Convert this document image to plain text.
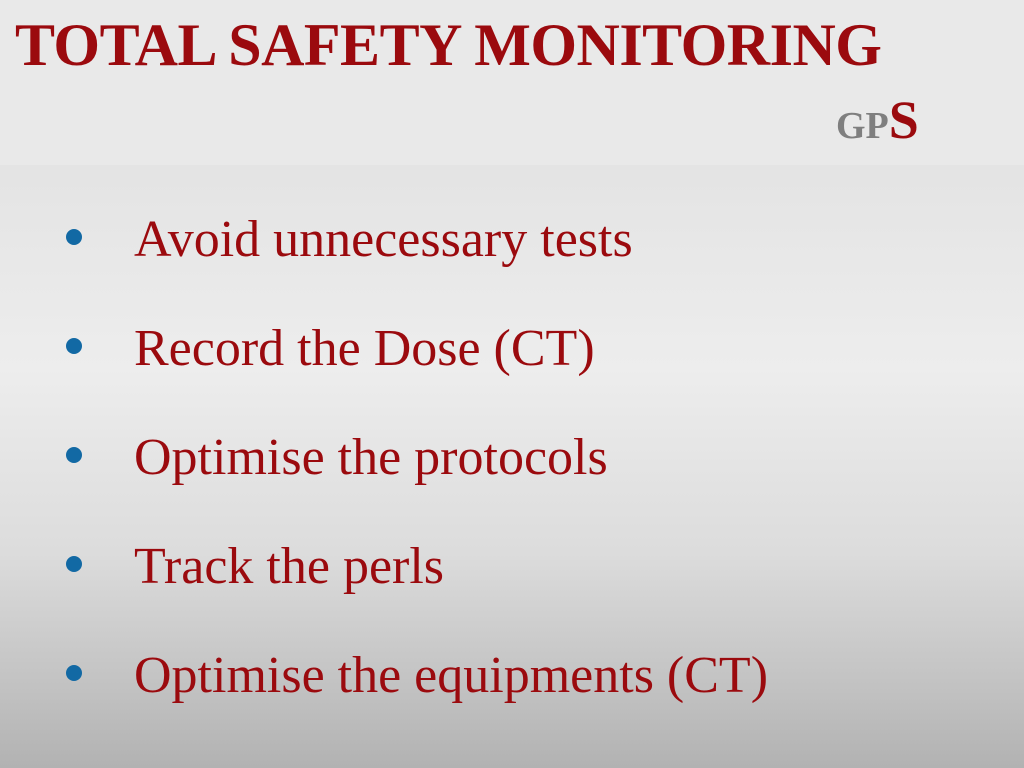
TOTAL SAFETY MONITORING
GPS
Avoid unnecessary tests
Record the Dose (CT)
Optimise the protocols
Track the perls
Optimise the equipments (CT)
